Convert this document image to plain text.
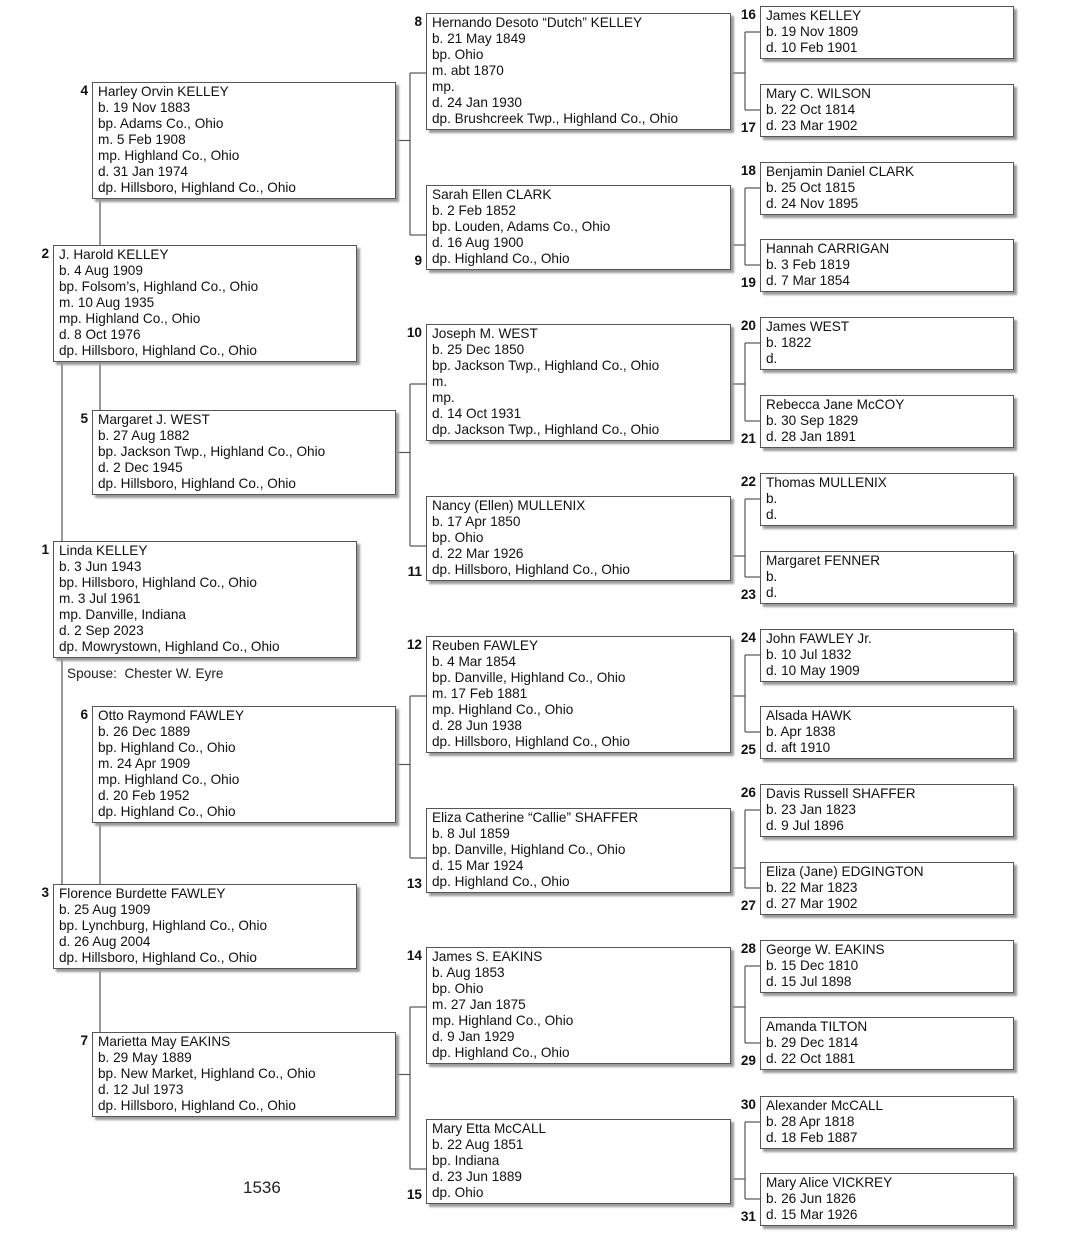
Spouse: Chester W. Eyre
1536
Linda KELLEY
b. 3 Jun 1943
bp. Hillsboro, Highland Co., Ohio
m. 3 Jul 1961
mp. Danville, Indiana
d. 2 Sep 2023
dp. Mowrystown, Highland Co., Ohio
1
J. Harold KELLEY
b. 4 Aug 1909
bp. Folsom’s, Highland Co., Ohio
m. 10 Aug 1935
mp. Highland Co., Ohio
d. 8 Oct 1976
dp. Hillsboro, Highland Co., Ohio
2
Florence Burdette FAWLEY
b. 25 Aug 1909
bp. Lynchburg, Highland Co., Ohio
d. 26 Aug 2004
dp. Hillsboro, Highland Co., Ohio
3
Harley Orvin KELLEY
b. 19 Nov 1883
bp. Adams Co., Ohio
m. 5 Feb 1908
mp. Highland Co., Ohio
d. 31 Jan 1974
dp. Hillsboro, Highland Co., Ohio
4
Margaret J. WEST
b. 27 Aug 1882
bp. Jackson Twp., Highland Co., Ohio
d. 2 Dec 1945
dp. Hillsboro, Highland Co., Ohio
5
Otto Raymond FAWLEY
b. 26 Dec 1889
bp. Highland Co., Ohio
m. 24 Apr 1909
mp. Highland Co., Ohio
d. 20 Feb 1952
dp. Highland Co., Ohio
6
Marietta May EAKINS
b. 29 May 1889
bp. New Market, Highland Co., Ohio
d. 12 Jul 1973
dp. Hillsboro, Highland Co., Ohio
7
Hernando Desoto “Dutch” KELLEY
b. 21 May 1849
bp. Ohio
m. abt 1870
mp.
d. 24 Jan 1930
dp. Brushcreek Twp., Highland Co., Ohio
8
Sarah Ellen CLARK
b. 2 Feb 1852
bp. Louden, Adams Co., Ohio
d. 16 Aug 1900
dp. Highland Co., Ohio
9
Joseph M. WEST
b. 25 Dec 1850
bp. Jackson Twp., Highland Co., Ohio
m.
mp.
d. 14 Oct 1931
dp. Jackson Twp., Highland Co., Ohio
10
Nancy (Ellen) MULLENIX
b. 17 Apr 1850
bp. Ohio
d. 22 Mar 1926
dp. Hillsboro, Highland Co., Ohio
11
Reuben FAWLEY
b. 4 Mar 1854
bp. Danville, Highland Co., Ohio
m. 17 Feb 1881
mp. Highland Co., Ohio
d. 28 Jun 1938
dp. Hillsboro, Highland Co., Ohio
12
Eliza Catherine “Callie” SHAFFER
b. 8 Jul 1859
bp. Danville, Highland Co., Ohio
d. 15 Mar 1924
dp. Highland Co., Ohio
13
James S. EAKINS
b. Aug 1853
bp. Ohio
m. 27 Jan 1875
mp. Highland Co., Ohio
d. 9 Jan 1929
dp. Highland Co., Ohio
14
Mary Etta McCALL
b. 22 Aug 1851
bp. Indiana
d. 23 Jun 1889
dp. Ohio
15
James KELLEY
b. 19 Nov 1809
d. 10 Feb 1901
16
Mary C. WILSON
b. 22 Oct 1814
d. 23 Mar 1902
17
Benjamin Daniel CLARK
b. 25 Oct 1815
d. 24 Nov 1895
18
Hannah CARRIGAN
b. 3 Feb 1819
d. 7 Mar 1854
19
James WEST
b. 1822
d.
20
Rebecca Jane McCOY
b. 30 Sep 1829
d. 28 Jan 1891
21
Thomas MULLENIX
b.
d.
22
Margaret FENNER
b.
d.
23
John FAWLEY Jr.
b. 10 Jul 1832
d. 10 May 1909
24
Alsada HAWK
b. Apr 1838
d. aft 1910
25
Davis Russell SHAFFER
b. 23 Jan 1823
d. 9 Jul 1896
26
Eliza (Jane) EDGINGTON
b. 22 Mar 1823
d. 27 Mar 1902
27
George W. EAKINS
b. 15 Dec 1810
d. 15 Jul 1898
28
Amanda TILTON
b. 29 Dec 1814
d. 22 Oct 1881
29
Alexander McCALL
b. 28 Apr 1818
d. 18 Feb 1887
30
Mary Alice VICKREY
b. 26 Jun 1826
d. 15 Mar 1926
31
